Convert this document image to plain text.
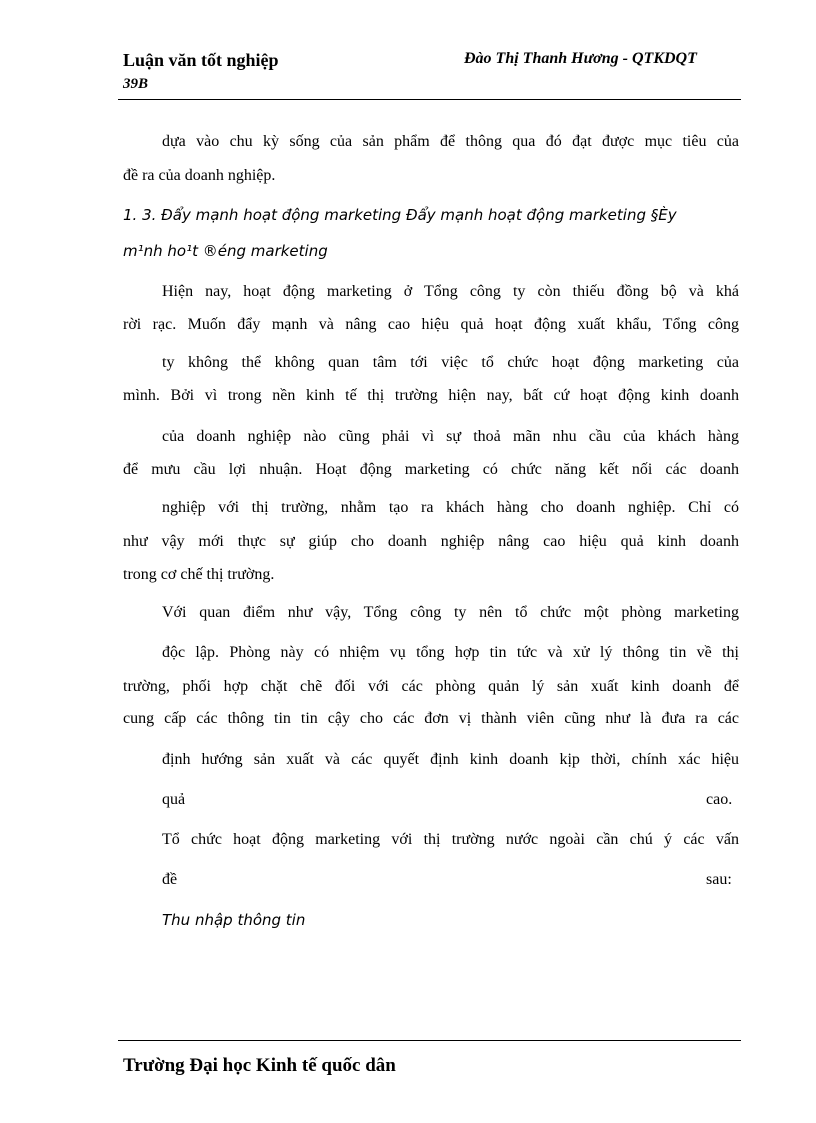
Luận văn tốt nghiệp
39B
Đào Thị Thanh Hương - QTKDQT
dựa vào chu kỳ sống của sản phẩm để thông qua đó đạt được mục tiêu của
đề ra của doanh nghiệp.
1. 3. Đẩy mạnh hoạt động marketing Đẩy mạnh hoạt động marketing §Èy
m¹nh ho¹t ®éng marketing
Hiện nay, hoạt động marketing ở Tổng công ty còn thiếu đồng bộ và khá
rời rạc. Muốn đẩy mạnh và nâng cao hiệu quả hoạt động xuất khẩu, Tổng công
ty không thể không quan tâm tới việc tổ chức hoạt động marketing của
mình. Bởi vì trong nền kinh tế thị trường hiện nay, bất cứ hoạt động kinh doanh
của doanh nghiệp nào cũng phải vì sự thoả mãn nhu cầu của khách hàng
để mưu cầu lợi nhuận. Hoạt động marketing có chức năng kết nối các doanh
nghiệp với thị trường, nhằm tạo ra khách hàng cho doanh nghiệp. Chỉ có
như vậy mới thực sự giúp cho doanh nghiệp nâng cao hiệu quả kinh doanh
trong cơ chế thị trường.
Với quan điểm như vậy, Tổng công ty nên tổ chức một phòng marketing
độc lập. Phòng này có nhiệm vụ tổng hợp tin tức và xử lý thông tin về thị
trường, phối hợp chặt chẽ đối với các phòng quản lý sản xuất kinh doanh để
cung cấp các thông tin tin cậy cho các đơn vị thành viên cũng như là đưa ra các
định hướng sản xuất và các quyết định kinh doanh kịp thời, chính xác hiệu
quả	cao.
Tổ chức hoạt động marketing với thị trường nước ngoài cần chú ý các vấn
đề	sau:
Thu nhập thông tin
Trường Đại học Kinh tế quốc dân
